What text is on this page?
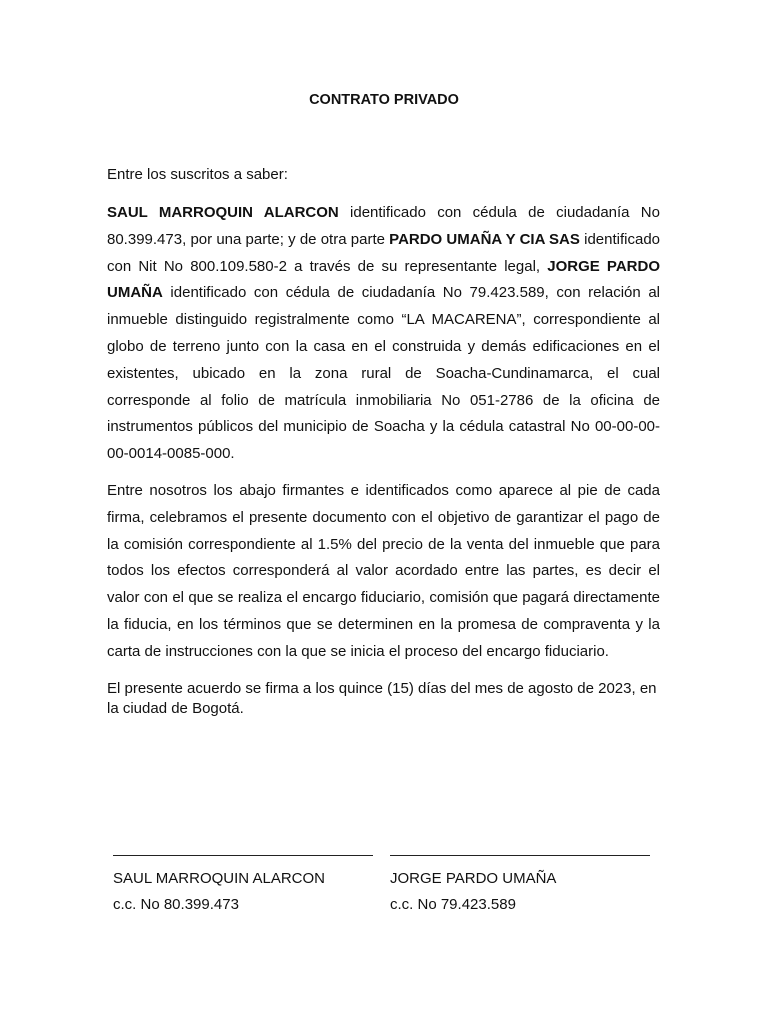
CONTRATO PRIVADO
Entre los suscritos a saber:

SAUL MARROQUIN ALARCON identificado con cédula de ciudadanía No 80.399.473, por una parte; y de otra parte PARDO UMAÑA Y CIA SAS identificado con Nit No 800.109.580-2 a través de su representante legal, JORGE PARDO UMAÑA identificado con cédula de ciudadanía No 79.423.589, con relación al inmueble distinguido registralmente como “LA MACARENA”, correspondiente al globo de terreno junto con la casa en el construida y demás edificaciones en el existentes, ubicado en la zona rural de Soacha-Cundinamarca, el cual corresponde al folio de matrícula inmobiliaria No 051-2786 de la oficina de instrumentos públicos del municipio de Soacha y la cédula catastral No 00-00-00-00-0014-0085-000.

Entre nosotros los abajo firmantes e identificados como aparece al pie de cada firma, celebramos el presente documento con el objetivo de garantizar el pago de la comisión correspondiente al 1.5% del precio de la venta del inmueble que para todos los efectos corresponderá al valor acordado entre las partes, es decir el valor con el que se realiza el encargo fiduciario, comisión que pagará directamente la fiducia, en los términos que se determinen en la promesa de compraventa y la carta de instrucciones con la que se inicia el proceso del encargo fiduciario.

El presente acuerdo se firma a los quince (15) días del mes de agosto de 2023, en la ciudad de Bogotá.

SAUL MARROQUIN ALARCON
c.c. No 80.399.473
JORGE PARDO UMAÑA
c.c. No 79.423.589
